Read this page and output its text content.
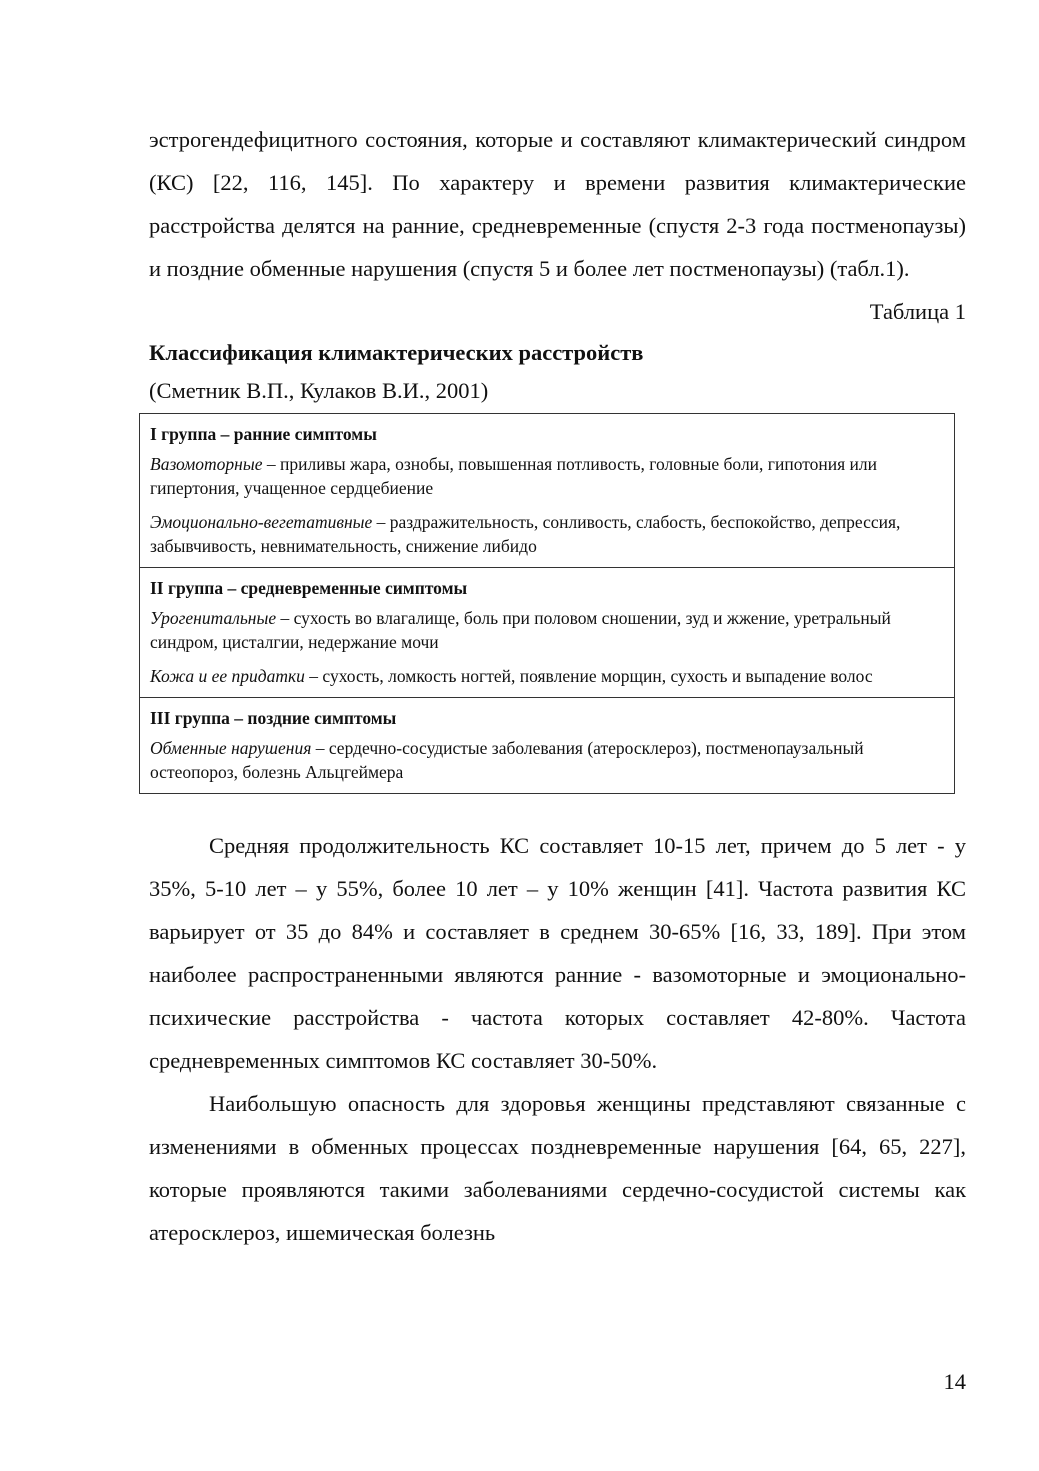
эстрогендефицитного состояния, которые и составляют климактерический синдром (КС) [22, 116, 145]. По характеру и времени развития климактерические расстройства делятся на ранние, средневременные (спустя 2-3 года постменопаузы) и поздние обменные нарушения (спустя 5 и более лет постменопаузы) (табл.1).

Таблица 1

Классификация климактерических расстройств

(Сметник В.П., Кулаков В.И., 2001)

I группа – ранние симптомы

Вазомоторные – приливы жара, ознобы, повышенная потливость, головные боли, гипотония или гипертония, учащенное сердцебиение

Эмоционально-вегетативные – раздражительность, сонливость, слабость, беспокойство, депрессия, забывчивость, невнимательность, снижение либидо

II группа – средневременные симптомы

Урогенитальные – сухость во влагалище, боль при половом сношении, зуд и жжение, уретральный синдром, цисталгии, недержание мочи

Кожа и ее придатки – сухость, ломкость ногтей, появление морщин, сухость и выпадение волос

III группа – поздние симптомы

Обменные нарушения – сердечно-сосудистые заболевания (атеросклероз), постменопаузальный остеопороз, болезнь Альцгеймера

Средняя продолжительность КС составляет 10-15 лет, причем до 5 лет - у 35%, 5-10 лет – у 55%, более 10 лет – у 10% женщин [41]. Частота развития КС варьирует от 35 до 84% и составляет в среднем 30-65% [16, 33, 189]. При этом наиболее распространенными являются ранние - вазомоторные и эмоционально-психические расстройства - частота которых составляет 42-80%. Частота средневременных симптомов КС составляет 30-50%.

Наибольшую опасность для здоровья женщины представляют связанные с изменениями в обменных процессах поздневременные нарушения [64, 65, 227], которые проявляются такими заболеваниями сердечно-сосудистой системы как атеросклероз, ишемическая болезнь

14
